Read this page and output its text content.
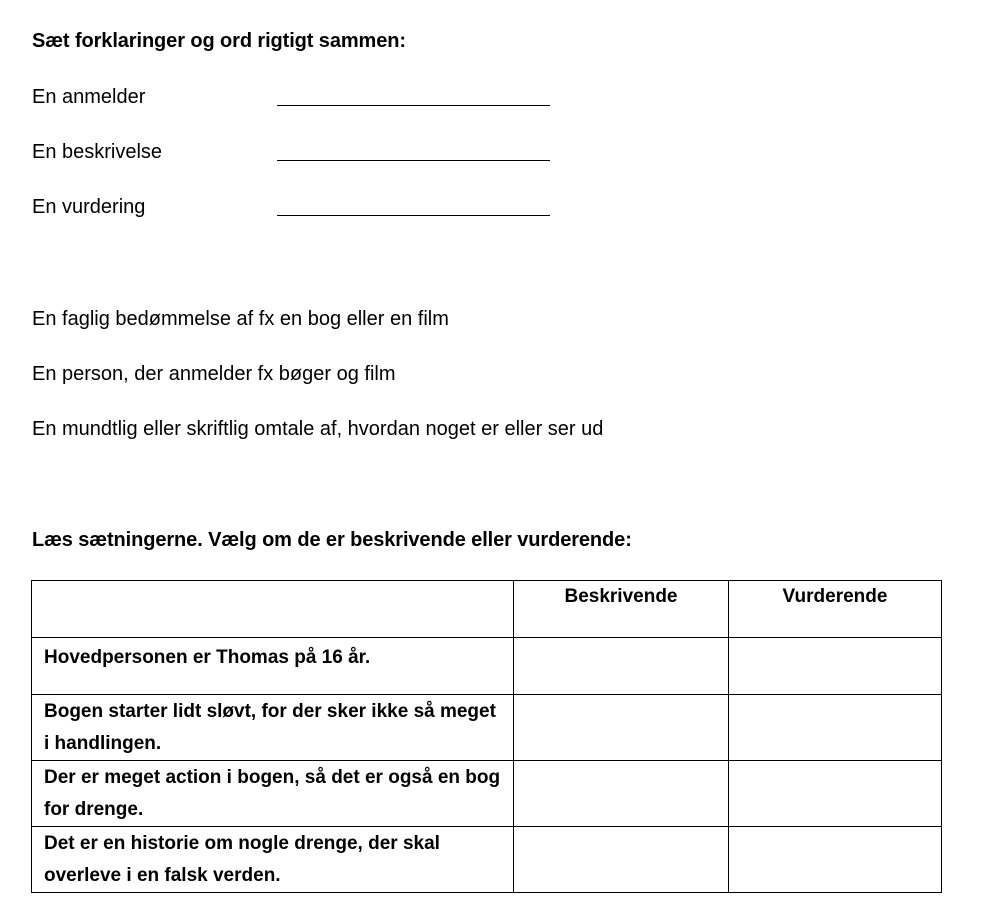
Sæt forklaringer og ord rigtigt sammen:
En anmelder
En beskrivelse
En vurdering
En faglig bedømmelse af fx en bog eller en film
En person, der anmelder fx bøger og film
En mundtlig eller skriftlig omtale af, hvordan noget er eller ser ud
Læs sætningerne. Vælg om de er beskrivende eller vurderende:
	Beskrivende	Vurderende
Hovedpersonen er Thomas på 16 år.		
Bogen starter lidt sløvt, for der sker ikke så meget i handlingen.		
Der er meget action i bogen, så det er også en bog for drenge.		
Det er en historie om nogle drenge, der skal overleve i en falsk verden.		
